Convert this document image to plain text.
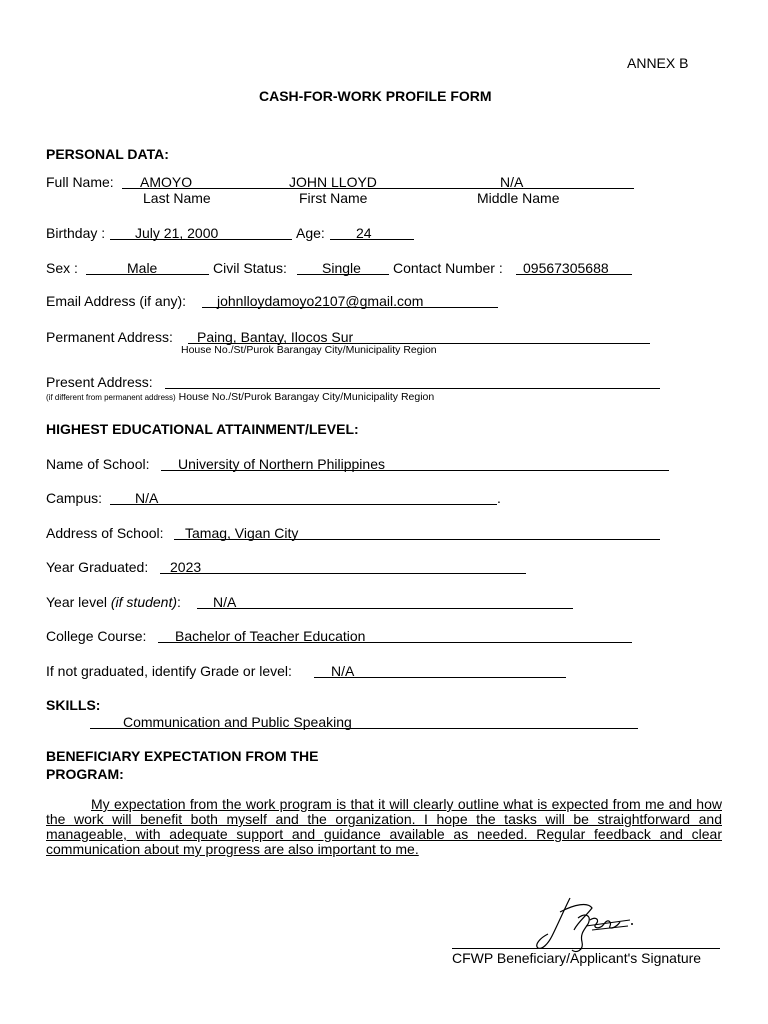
ANNEX B
CASH-FOR-WORK PROFILE FORM
PERSONAL DATA:
Full Name: AMOYO	JOHN LLOYD	N/A
Last Name	First Name	Middle Name
Birthday : July 21, 2000	Age: 24
Sex :	Male	Civil Status:	Single Contact Number : 09567305688
Email Address (if any): johnlloydamoyo2107@gmail.com
Permanent Address: Paing, Bantay, Ilocos Sur
House No./St/Purok Barangay City/Municipality Region
Present Address:
(if different from permanent address) House No./St/Purok Barangay City/Municipality Region
HIGHEST EDUCATIONAL ATTAINMENT/LEVEL:
Name of School: University of Northern Philippines
Campus: N/A	.
Address of School: Tamag, Vigan City
Year Graduated: 2023
Year level (if student): N/A
College Course: Bachelor of Teacher Education
If not graduated, identify Grade or level:	N/A
SKILLS:
Communication and Public Speaking
BENEFICIARY EXPECTATION FROM THE
PROGRAM:
My expectation from the work program is that it will clearly outline what is expected from me and how the work will benefit both myself and the organization. I hope the tasks will be straightforward and manageable, with adequate support and guidance available as needed. Regular feedback and clear communication about my progress are also important to me.
CFWP Beneficiary/Applicant's Signature
